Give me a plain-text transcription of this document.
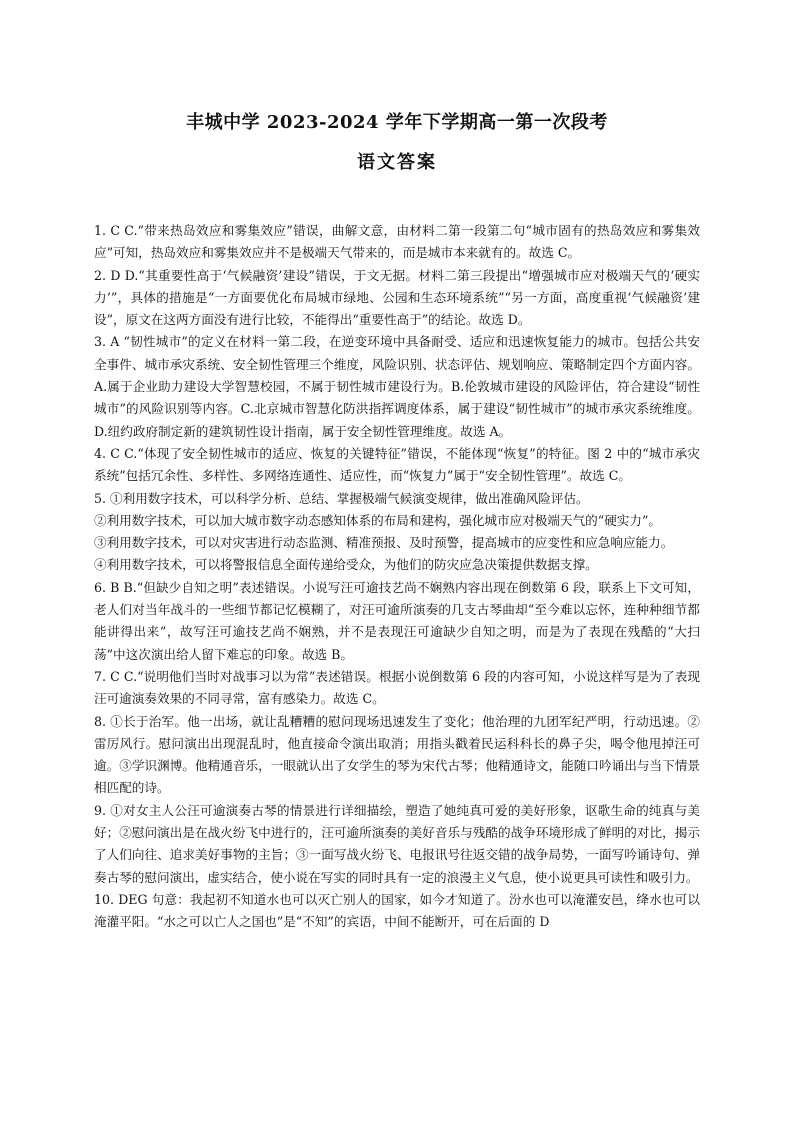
丰城中学 2023-2024 学年下学期高一第一次段考
语文答案

1. C C.“带来热岛效应和雾集效应”错误，曲解文意，由材料二第一段第二句“城市固有的热岛效应和雾集效应”可知，热岛效应和雾集效应并不是极端天气带来的，而是城市本来就有的。故选 C。

2. D D.“其重要性高于‘气候融资’建设”错误，于文无据。材料二第三段提出“增强城市应对极端天气的‘硬实力’”，具体的措施是“一方面要优化布局城市绿地、公园和生态环境系统”“另一方面，高度重视‘气候融资’建设”，原文在这两方面没有进行比较，不能得出“重要性高于”的结论。故选 D。

3. A “韧性城市”的定义在材料一第二段，在逆变环境中具备耐受、适应和迅速恢复能力的城市。包括公共安全事件、城市承灾系统、安全韧性管理三个维度，风险识别、状态评估、规划响应、策略制定四个方面内容。A.属于企业助力建设大学智慧校园，不属于韧性城市建设行为。B.伦敦城市建设的风险评估，符合建设“韧性城市”的风险识别等内容。C.北京城市智慧化防洪指挥调度体系，属于建设“韧性城市”的城市承灾系统维度。D.纽约政府制定新的建筑韧性设计指南，属于安全韧性管理维度。故选 A。

4. C C.“体现了安全韧性城市的适应、恢复的关键特征”错误，不能体现“恢复”的特征。图 2 中的“城市承灾系统”包括冗余性、多样性、多网络连通性、适应性，而“恢复力”属于“安全韧性管理”。故选 C。

5. ①利用数字技术，可以科学分析、总结、掌握极端气候演变规律，做出准确风险评估。

②利用数字技术，可以加大城市数字动态感知体系的布局和建构，强化城市应对极端天气的“硬实力”。

③利用数字技术，可以对灾害进行动态监测、精准预报、及时预警，提高城市的应变性和应急响应能力。

④利用数字技术，可以将警报信息全面传递给受众，为他们的防灾应急决策提供数据支撑。

6. B B.“但缺少自知之明”表述错误。小说写汪可逾技艺尚不娴熟内容出现在倒数第 6 段，联系上下文可知，老人们对当年战斗的一些细节都记忆模糊了，对汪可逾所演奏的几支古琴曲却“至今难以忘怀，连种种细节都能讲得出来”，故写汪可逾技艺尚不娴熟，并不是表现汪可逾缺少自知之明，而是为了表现在残酷的“大扫荡”中这次演出给人留下难忘的印象。故选 B。

7. C C.“说明他们当时对战事习以为常”表述错误。根据小说倒数第 6 段的内容可知，小说这样写是为了表现汪可逾演奏效果的不同寻常，富有感染力。故选 C。

8. ①长于治军。他一出场，就让乱糟糟的慰问现场迅速发生了变化；他治理的九团军纪严明，行动迅速。②雷厉风行。慰问演出出现混乱时，他直接命令演出取消；用指头戳着民运科科长的鼻子尖，喝令他甩掉汪可逾。③学识渊博。他精通音乐，一眼就认出了女学生的琴为宋代古琴；他精通诗文，能随口吟诵出与当下情景相匹配的诗。

9. ①对女主人公汪可逾演奏古琴的情景进行详细描绘，塑造了她纯真可爱的美好形象，讴歌生命的纯真与美好；②慰问演出是在战火纷飞中进行的，汪可逾所演奏的美好音乐与残酷的战争环境形成了鲜明的对比，揭示了人们向往、追求美好事物的主旨；③一面写战火纷飞、电报讯号往返交错的战争局势，一面写吟诵诗句、弹奏古琴的慰问演出，虚实结合，使小说在写实的同时具有一定的浪漫主义气息，使小说更具可读性和吸引力。

10. DEG 句意：我起初不知道水也可以灭亡别人的国家，如今才知道了。汾水也可以淹灌安邑，绛水也可以淹灌平阳。“水之可以亡人之国也”是“不知”的宾语，中间不能断开，可在后面的 D
